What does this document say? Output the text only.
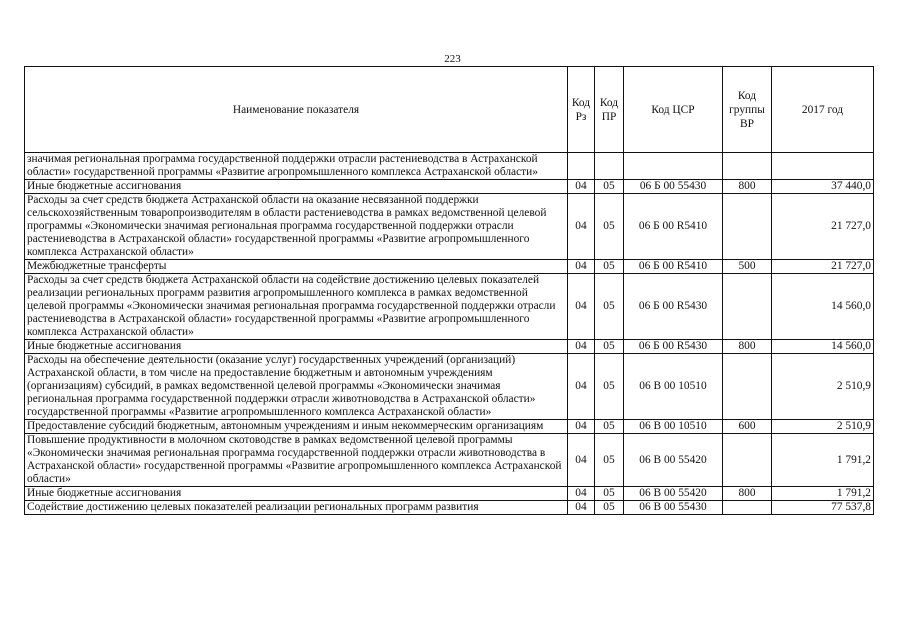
223
Наименование показателя	Код Рз	Код ПР	Код ЦСР	Код группы ВР	2017 год
значимая региональная программа государственной поддержки отрасли растениеводства в Астраханской области» государственной программы «Развитие агропромышленного комплекса Астраханской области»					
Иные бюджетные ассигнования	04	05	06 Б 00 55430	800	37 440,0
Расходы за счет средств бюджета Астраханской области на оказание несвязанной поддержки сельскохозяйственным товаропроизводителям в области растениеводства в рамках ведомственной целевой программы «Экономически значимая региональная программа государственной поддержки отрасли растениеводства в Астраханской области» государственной программы «Развитие агропромышленного комплекса Астраханской области»	04	05	06 Б 00 R5410		21 727,0
Межбюджетные трансферты	04	05	06 Б 00 R5410	500	21 727,0
Расходы за счет средств бюджета Астраханской области на содействие достижению целевых показателей реализации региональных программ развития агропромышленного комплекса в рамках ведомственной целевой программы «Экономически значимая региональная программа государственной поддержки отрасли растениеводства в Астраханской области» государственной программы «Развитие агропромышленного комплекса Астраханской области»	04	05	06 Б 00 R5430		14 560,0
Иные бюджетные ассигнования	04	05	06 Б 00 R5430	800	14 560,0
Расходы на обеспечение деятельности (оказание услуг) государственных учреждений (организаций) Астраханской области, в том числе на предоставление бюджетным и автономным учреждениям (организациям) субсидий, в рамках ведомственной целевой программы «Экономически значимая региональная программа государственной поддержки отрасли животноводства в Астраханской области» государственной программы «Развитие агропромышленного комплекса Астраханской области»	04	05	06 В 00 10510		2 510,9
Предоставление субсидий бюджетным, автономным учреждениям и иным некоммерческим организациям	04	05	06 В 00 10510	600	2 510,9
Повышение продуктивности в молочном скотоводстве в рамках ведомственной целевой программы «Экономически значимая региональная программа государственной поддержки отрасли животноводства в Астраханской области» государственной программы «Развитие агропромышленного комплекса Астраханской области»	04	05	06 В 00 55420		1 791,2
Иные бюджетные ассигнования	04	05	06 В 00 55420	800	1 791,2
Содействие достижению целевых показателей реализации региональных программ развития	04	05	06 В 00 55430		77 537,8
